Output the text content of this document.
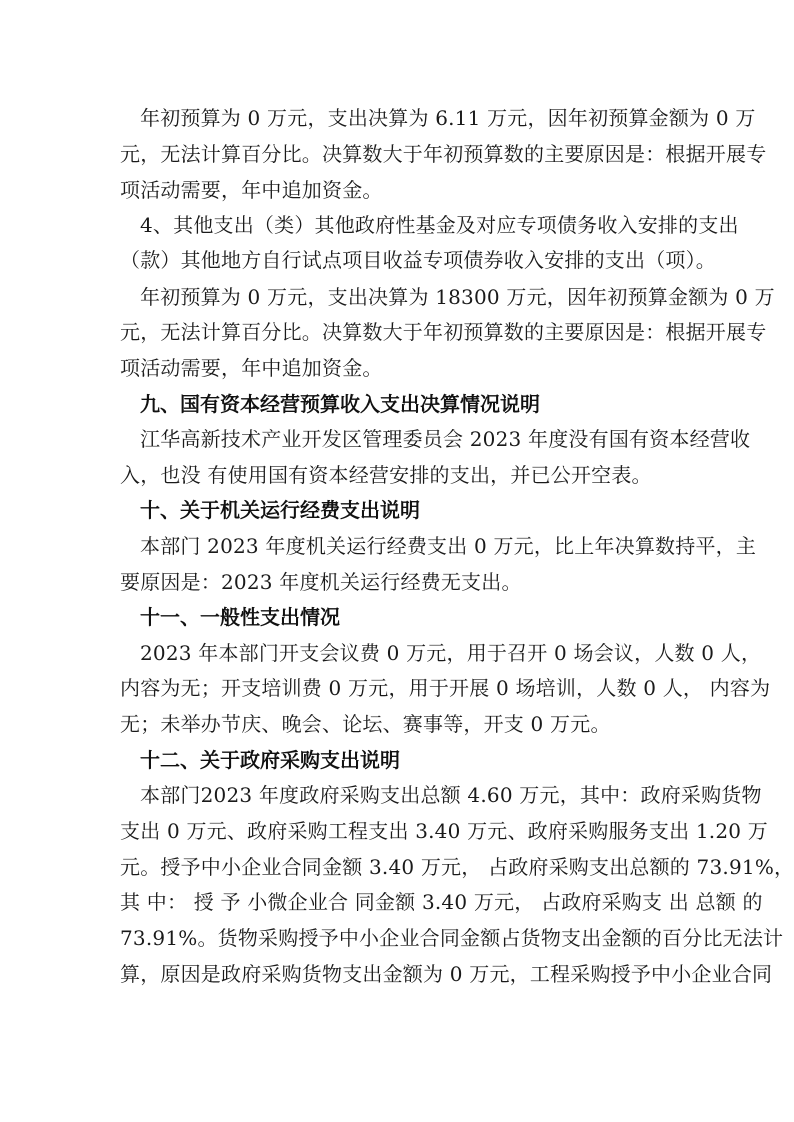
年初预算为 0 万元，支出决算为 6.11 万元，因年初预算金额为 0 万
元，无法计算百分比。决算数大于年初预算数的主要原因是：根据开展专
项活动需要，年中追加资金。
4、其他支出（类）其他政府性基金及对应专项债务收入安排的支出
（款）其他地方自行试点项目收益专项债券收入安排的支出（项）。
年初预算为 0 万元，支出决算为 18300 万元，因年初预算金额为 0 万
元，无法计算百分比。决算数大于年初预算数的主要原因是：根据开展专
项活动需要，年中追加资金。
九、国有资本经营预算收入支出决算情况说明
江华高新技术产业开发区管理委员会 2023 年度没有国有资本经营收
入，也没 有使用国有资本经营安排的支出，并已公开空表。
十、关于机关运行经费支出说明
本部门 2023 年度机关运行经费支出 0 万元，比上年决算数持平，主
要原因是：2023 年度机关运行经费无支出。
十一、一般性支出情况
2023 年本部门开支会议费 0 万元，用于召开 0 场会议，人数 0 人，
内容为无；开支培训费 0 万元，用于开展 0 场培训，人数 0 人， 内容为
无；未举办节庆、晚会、论坛、赛事等，开支 0 万元。
十二、关于政府采购支出说明
本部门2023 年度政府采购支出总额 4.60 万元，其中：政府采购货物
支出 0 万元、政府采购工程支出 3.40 万元、政府采购服务支出 1.20 万
元。授予中小企业合同金额 3.40 万元， 占政府采购支出总额的 73.91%，
其 中： 授 予 小微企业合 同金额 3.40 万元， 占政府采购支 出 总额 的
73.91%。货物采购授予中小企业合同金额占货物支出金额的百分比无法计
算，原因是政府采购货物支出金额为 0 万元，工程采购授予中小企业合同
